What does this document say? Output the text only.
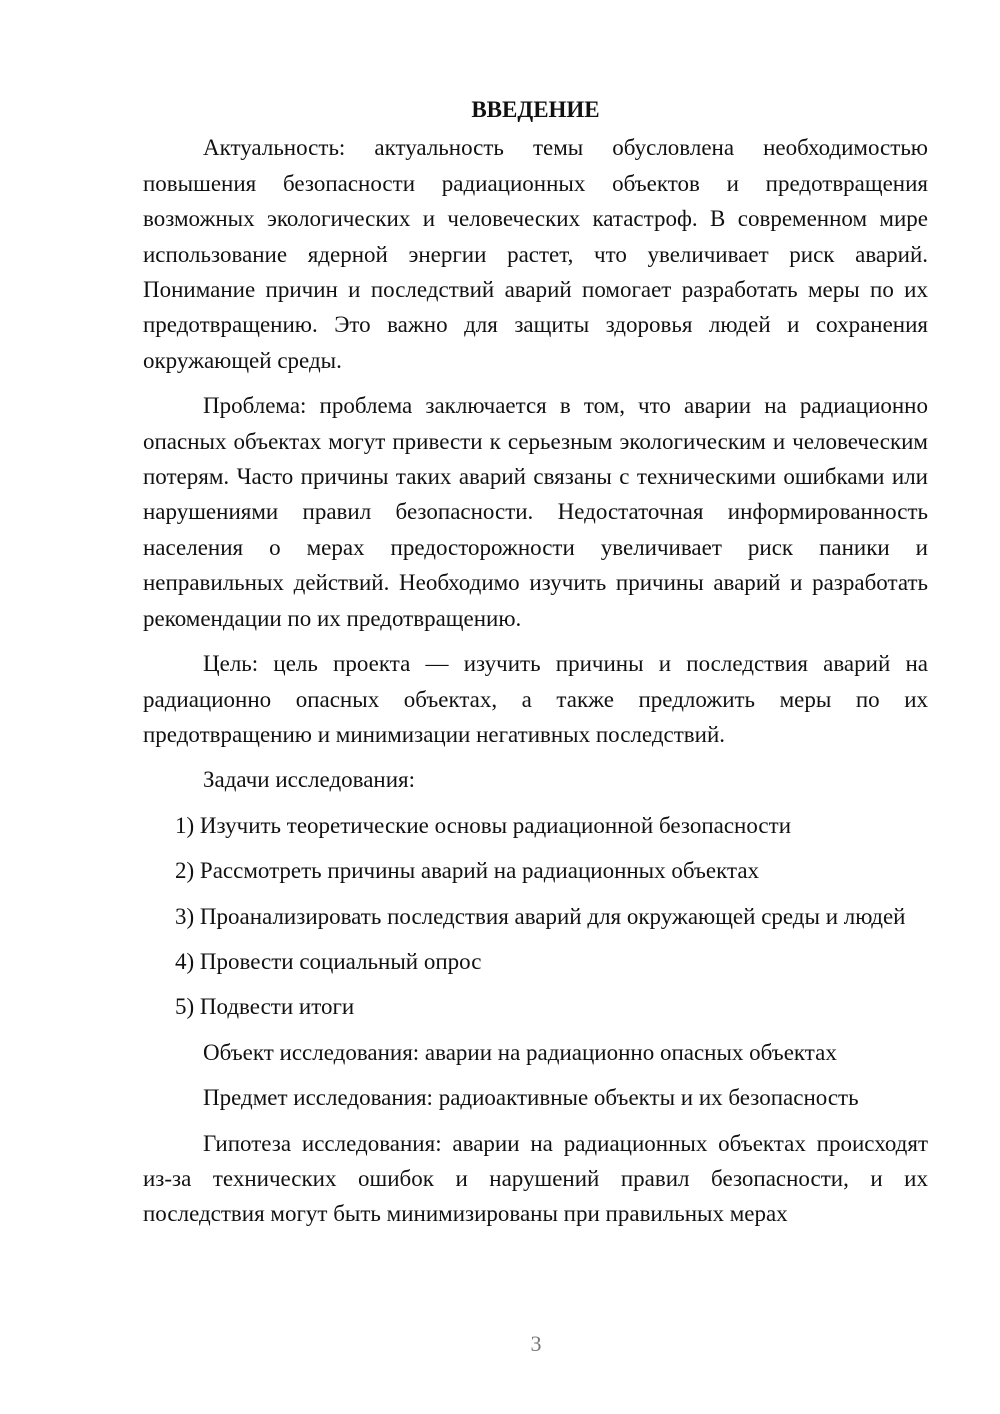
ВВЕДЕНИЕ

Актуальность: актуальность темы обусловлена необходимостью повышения безопасности радиационных объектов и предотвращения возможных экологических и человеческих катастроф. В современном мире использование ядерной энергии растет, что увеличивает риск аварий. Понимание причин и последствий аварий помогает разработать меры по их предотвращению. Это важно для защиты здоровья людей и сохранения окружающей среды.

Проблема: проблема заключается в том, что аварии на радиационно опасных объектах могут привести к серьезным экологическим и человеческим потерям. Часто причины таких аварий связаны с техническими ошибками или нарушениями правил безопасности. Недостаточная информированность населения о мерах предосторожности увеличивает риск паники и неправильных действий. Необходимо изучить причины аварий и разработать рекомендации по их предотвращению.

Цель: цель проекта — изучить причины и последствия аварий на радиационно опасных объектах, а также предложить меры по их предотвращению и минимизации негативных последствий.

Задачи исследования:

1) Изучить теоретические основы радиационной безопасности

2) Рассмотреть причины аварий на радиационных объектах

3) Проанализировать последствия аварий для окружающей среды и людей

4) Провести социальный опрос

5) Подвести итоги

Объект исследования: аварии на радиационно опасных объектах

Предмет исследования: радиоактивные объекты и их безопасность

Гипотеза исследования: аварии на радиационных объектах происходят из-за технических ошибок и нарушений правил безопасности, и их последствия могут быть минимизированы при правильных мерах

3
